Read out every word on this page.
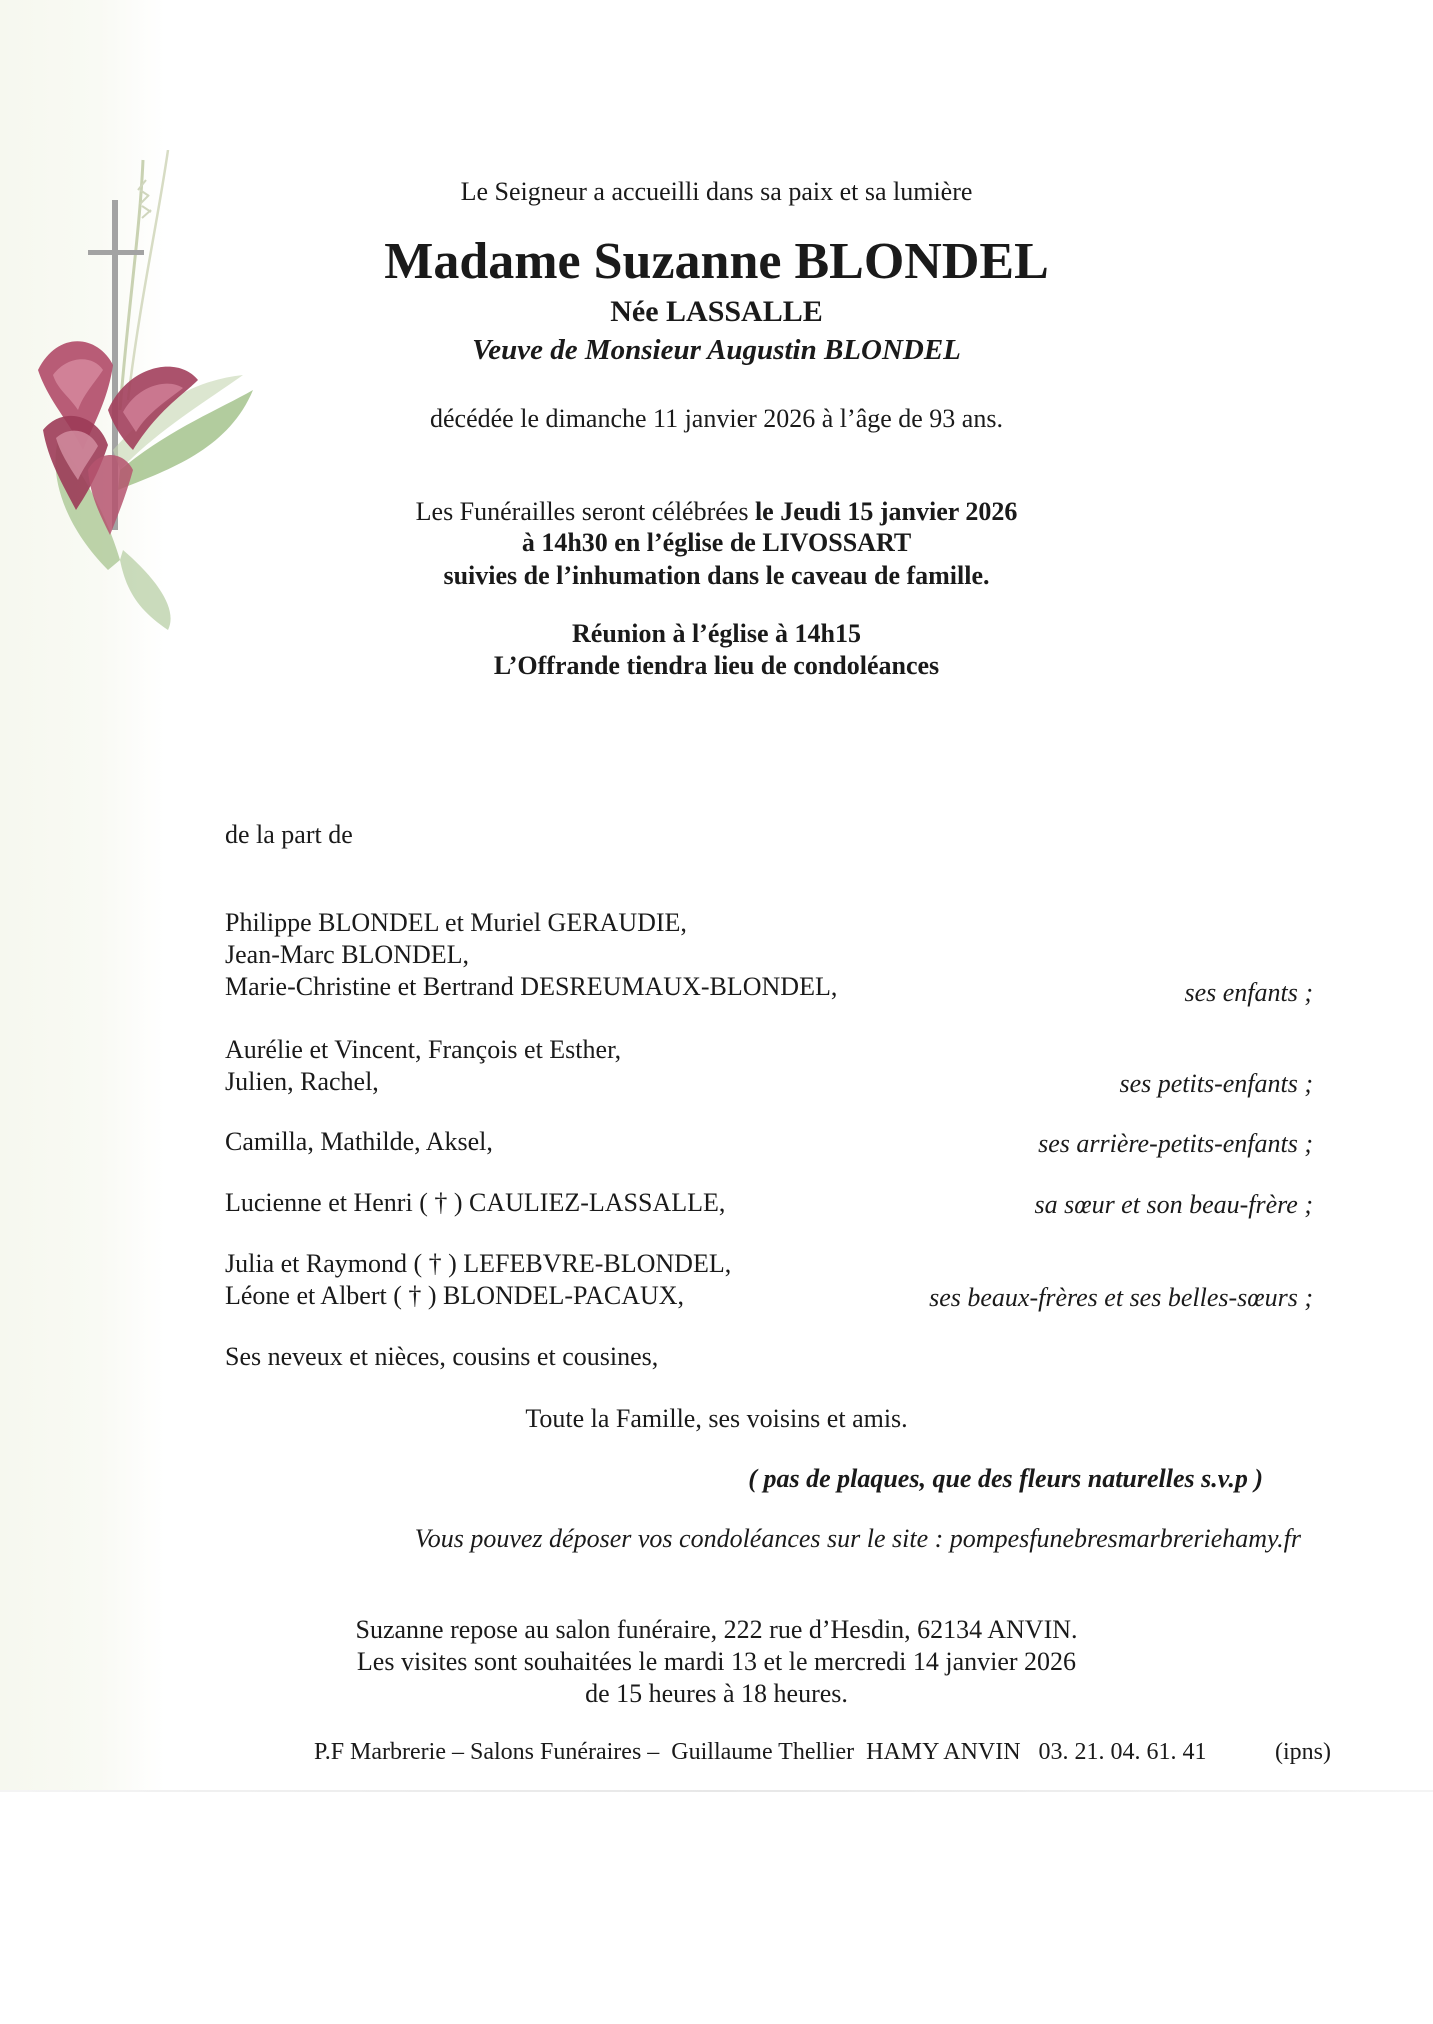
Le Seigneur a accueilli dans sa paix et sa lumière

Madame Suzanne BLONDEL

Née LASSALLE

Veuve de Monsieur Augustin BLONDEL

décédée le dimanche 11 janvier 2026 à l’âge de 93 ans.

Les Funérailles seront célébrées le Jeudi 15 janvier 2026

à 14h30 en l’église de LIVOSSART

suivies de l’inhumation dans le caveau de famille.

Réunion à l’église à 14h15

L’Offrande tiendra lieu de condoléances

de la part de

Philippe BLONDEL et Muriel GERAUDIE,

Jean-Marc BLONDEL,

Marie-Christine et Bertrand DESREUMAUX-BLONDEL,	ses enfants ;

Aurélie et Vincent, François et Esther,

Julien, Rachel,	ses petits-enfants ;

Camilla, Mathilde, Aksel,	ses arrière-petits-enfants ;

Lucienne et Henri ( † ) CAULIEZ-LASSALLE,	sa sœur et son beau-frère ;

Julia et Raymond ( † ) LEFEBVRE-BLONDEL,

Léone et Albert ( † ) BLONDEL-PACAUX,	ses beaux-frères et ses belles-sœurs ;

Ses neveux et nièces, cousins et cousines,

Toute la Famille, ses voisins et amis.

( pas de plaques, que des fleurs naturelles s.v.p )

Vous pouvez déposer vos condoléances sur le site : pompesfunebresmarbreriehamy.fr

Suzanne repose au salon funéraire, 222 rue d’Hesdin, 62134 ANVIN.

Les visites sont souhaitées le mardi 13 et le mercredi 14 janvier 2026

de 15 heures à 18 heures.

P.F Marbrerie – Salons Funéraires –  Guillaume Thellier  HAMY ANVIN   03. 21. 04. 61. 41	(ipns)
